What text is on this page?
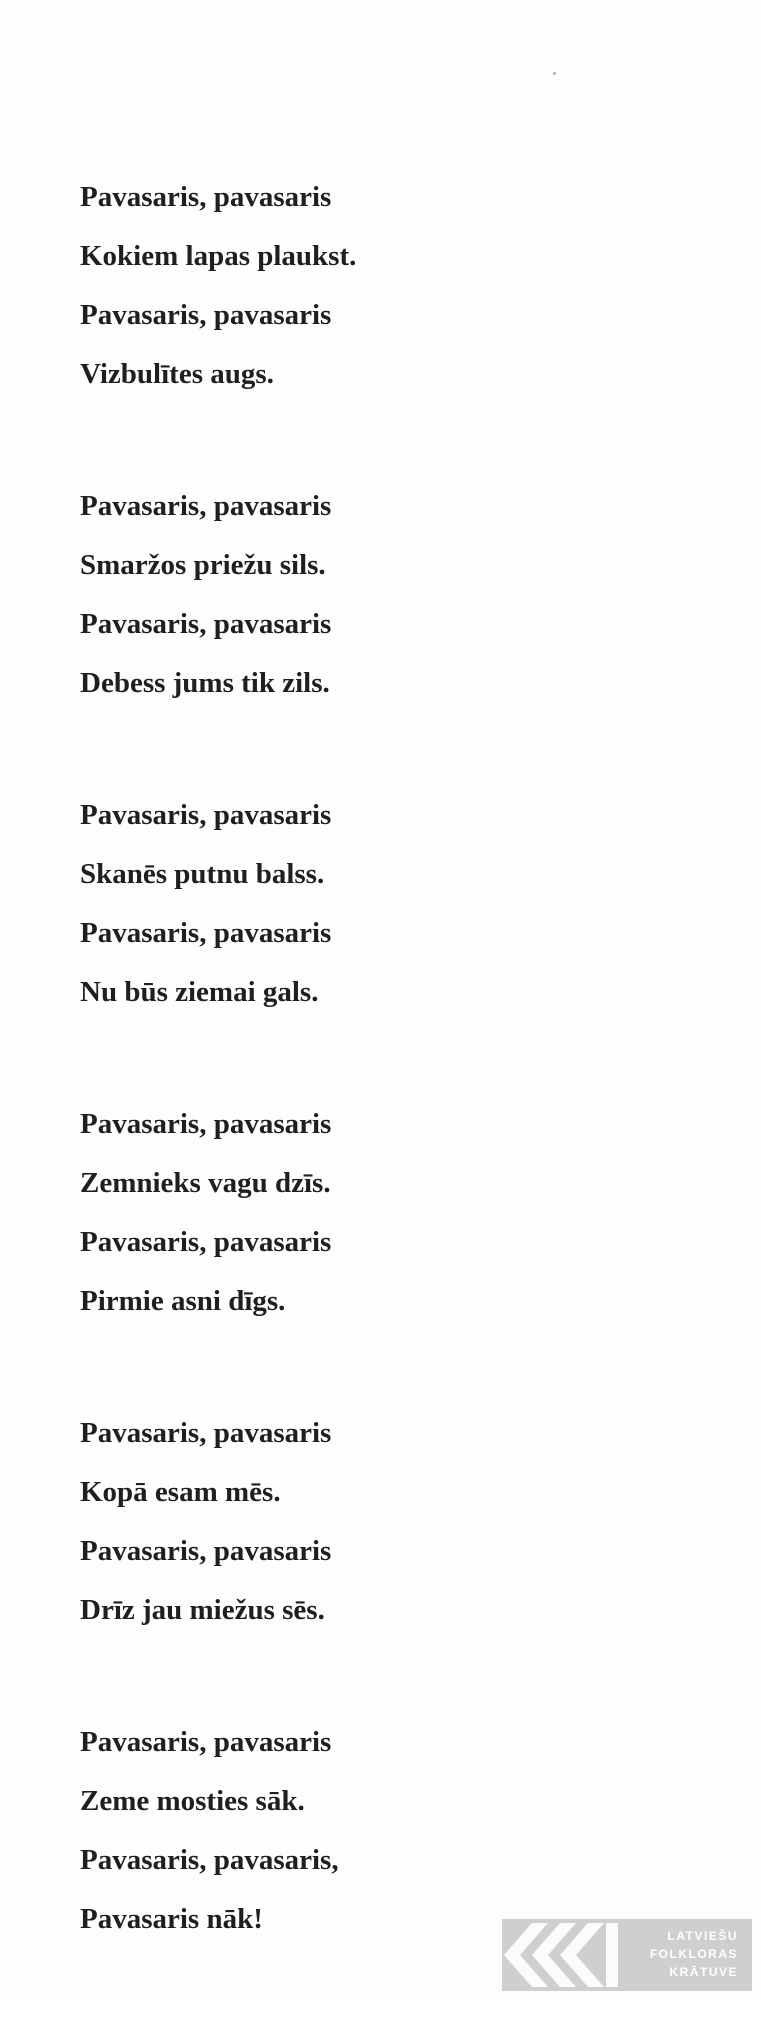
Pavasaris, pavasaris
Kokiem lapas plaukst.
Pavasaris, pavasaris
Vizbulītes augs.
Pavasaris, pavasaris
Smaržos priežu sils.
Pavasaris, pavasaris
Debess jums tik zils.
Pavasaris, pavasaris
Skanēs putnu balss.
Pavasaris, pavasaris
Nu būs ziemai gals.
Pavasaris, pavasaris
Zemnieks vagu dzīs.
Pavasaris, pavasaris
Pirmie asni dīgs.
Pavasaris, pavasaris
Kopā esam mēs.
Pavasaris, pavasaris
Drīz jau miežus sēs.
Pavasaris, pavasaris
Zeme mosties sāk.
Pavasaris, pavasaris,
Pavasaris nāk!
LATVIEŠU
FOLKLORAS
KRĀTUVE
